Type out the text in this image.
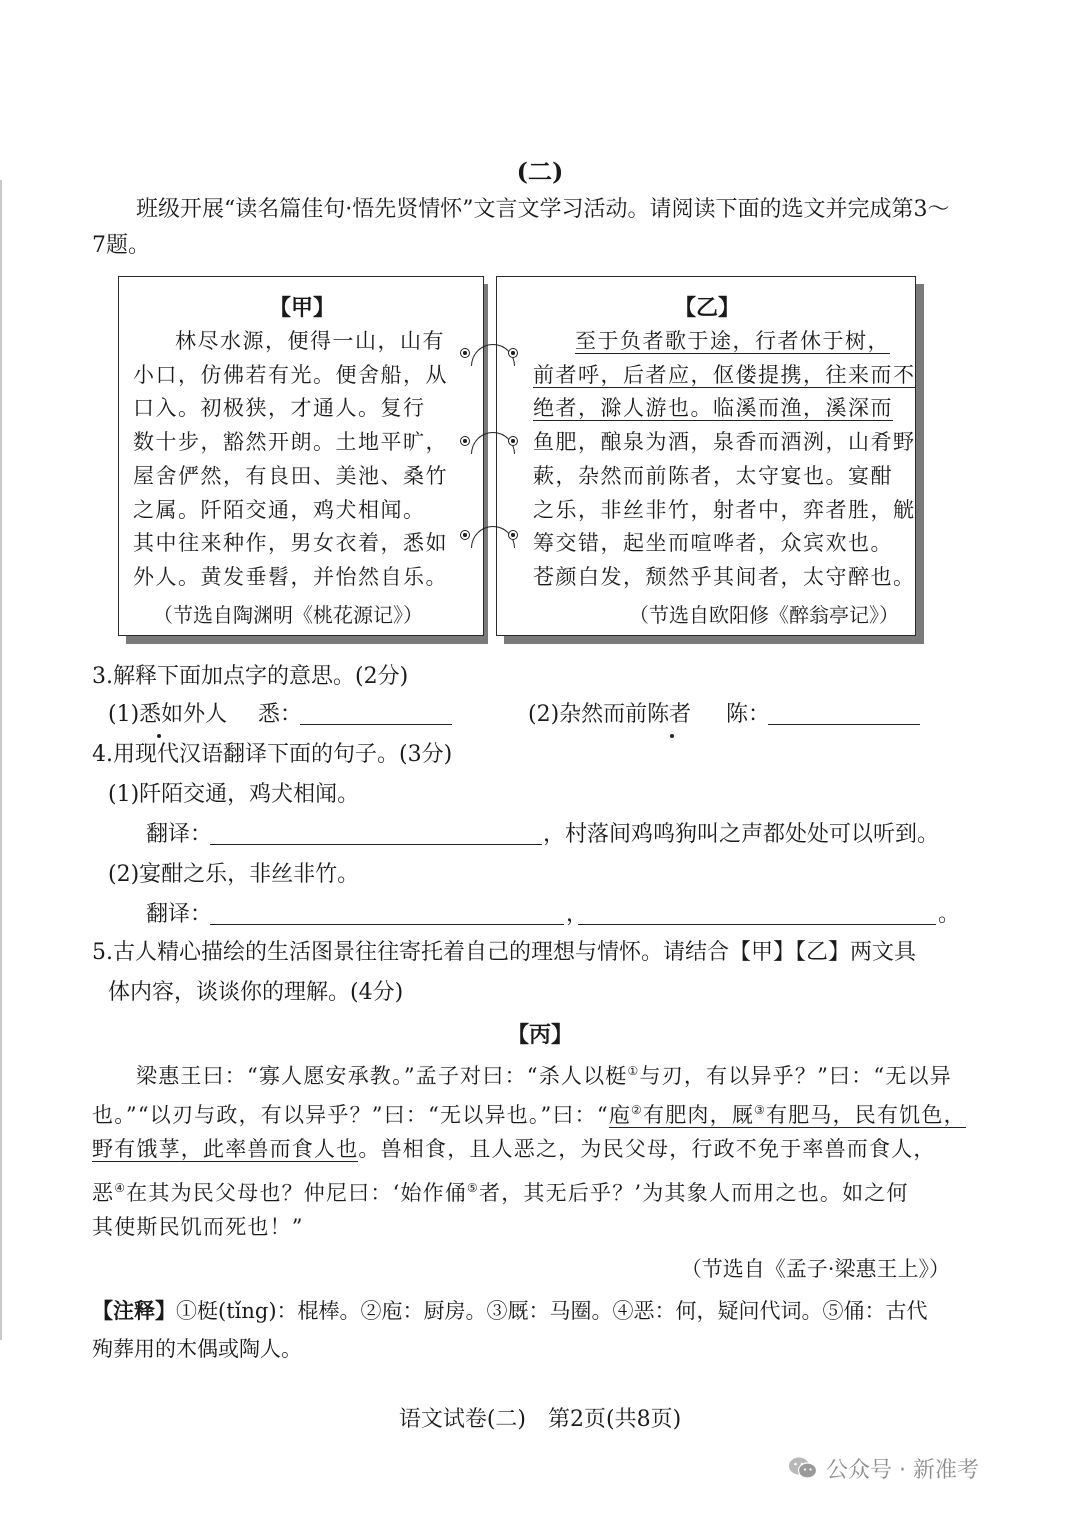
(二)
班级开展“读名篇佳句·悟先贤情怀”文言文学习活动。请阅读下面的选文并完成第3～7题。
【甲】
林尽水源，便得一山，山有
小口，仿佛若有光。便舍船，从
口入。初极狭，才通人。复行
数十步，豁然开朗。土地平旷，
屋舍俨然，有良田、美池、桑竹
之属。阡陌交通，鸡犬相闻。
其中往来种作，男女衣着，悉如
外人。黄发垂髫，并怡然自乐。
（节选自陶渊明《桃花源记》）
【乙】
至于负者歌于途，行者休于树，
前者呼，后者应，伛偻提携，往来而不
绝者，滁人游也。临溪而渔，溪深而
鱼肥，酿泉为酒，泉香而酒洌，山肴野
蔌，杂然而前陈者，太守宴也。宴酣
之乐，非丝非竹，射者中，弈者胜，觥
筹交错，起坐而喧哗者，众宾欢也。
苍颜白发，颓然乎其间者，太守醉也。
（节选自欧阳修《醉翁亭记》）
3.解释下面加点字的意思。(2分)
(1)悉如外人 悉：	(2)杂然而前陈者 陈：
4.用现代汉语翻译下面的句子。(3分)
(1)阡陌交通，鸡犬相闻。
翻译：	，村落间鸡鸣狗叫之声都处处可以听到。
(2)宴酣之乐，非丝非竹。
翻译：	，	。
5.古人精心描绘的生活图景往往寄托着自己的理想与情怀。请结合【甲】【乙】两文具
体内容，谈谈你的理解。(4分)
【丙】
梁惠王曰：“寡人愿安承教。”孟子对曰：“杀人以梃①与刃，有以异乎？”曰：“无以异
也。”“以刃与政，有以异乎？”曰：“无以异也。”曰：“庖②有肥肉，厩③有肥马，民有饥色，
野有饿莩，此率兽而食人也。兽相食，且人恶之，为民父母，行政不免于率兽而食人，
恶④在其为民父母也？仲尼曰：‘始作俑⑤者，其无后乎？’为其象人而用之也。如之何
其使斯民饥而死也！”
（节选自《孟子·梁惠王上》）
【注释】①梃(tǐng)：棍棒。②庖：厨房。③厩：马圈。④恶：何，疑问代词。⑤俑：古代
殉葬用的木偶或陶人。
语文试卷(二)　第2页(共8页)
公众号 · 新准考
